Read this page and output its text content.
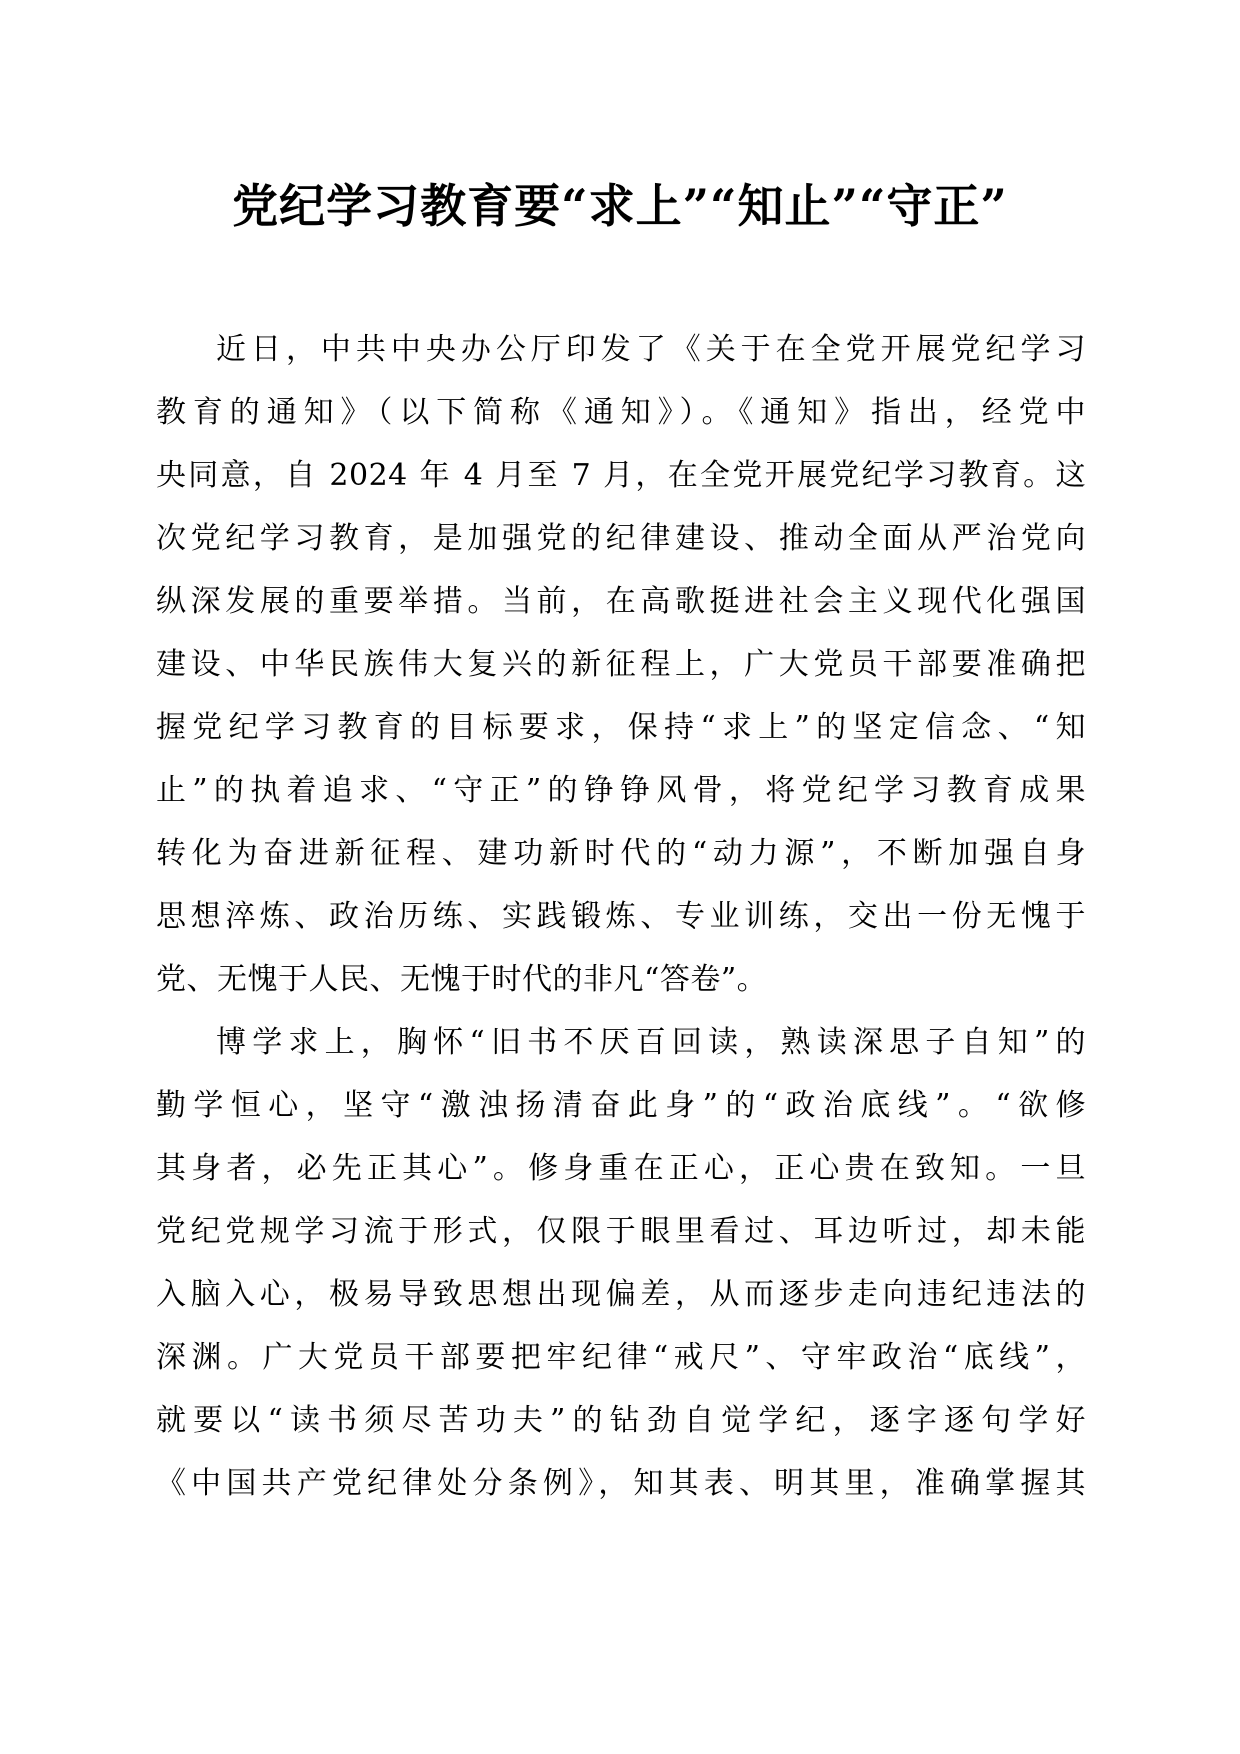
党纪学习教育要“求上”“知止”“守正”
近日，中共中央办公厅印发了《关于在全党开展党纪学习
教育的通知》（以下简称《通知》）。《通知》指出，经党中
央同意，自 2024 年 4 月至 7 月，在全党开展党纪学习教育。这
次党纪学习教育，是加强党的纪律建设、推动全面从严治党向
纵深发展的重要举措。当前，在高歌挺进社会主义现代化强国
建设、中华民族伟大复兴的新征程上，广大党员干部要准确把
握党纪学习教育的目标要求，保持“求上”的坚定信念、“知
止”的执着追求、“守正”的铮铮风骨，将党纪学习教育成果
转化为奋进新征程、建功新时代的“动力源”，不断加强自身
思想淬炼、政治历练、实践锻炼、专业训练，交出一份无愧于
党、无愧于人民、无愧于时代的非凡“答卷”。
博学求上，胸怀“旧书不厌百回读，熟读深思子自知”的
勤学恒心，坚守“激浊扬清奋此身”的“政治底线”。“欲修
其身者，必先正其心”。修身重在正心，正心贵在致知。一旦
党纪党规学习流于形式，仅限于眼里看过、耳边听过，却未能
入脑入心，极易导致思想出现偏差，从而逐步走向违纪违法的
深渊。广大党员干部要把牢纪律“戒尺”、守牢政治“底线”，
就要以“读书须尽苦功夫”的钻劲自觉学纪，逐字逐句学好
《中国共产党纪律处分条例》，知其表、明其里，准确掌握其
